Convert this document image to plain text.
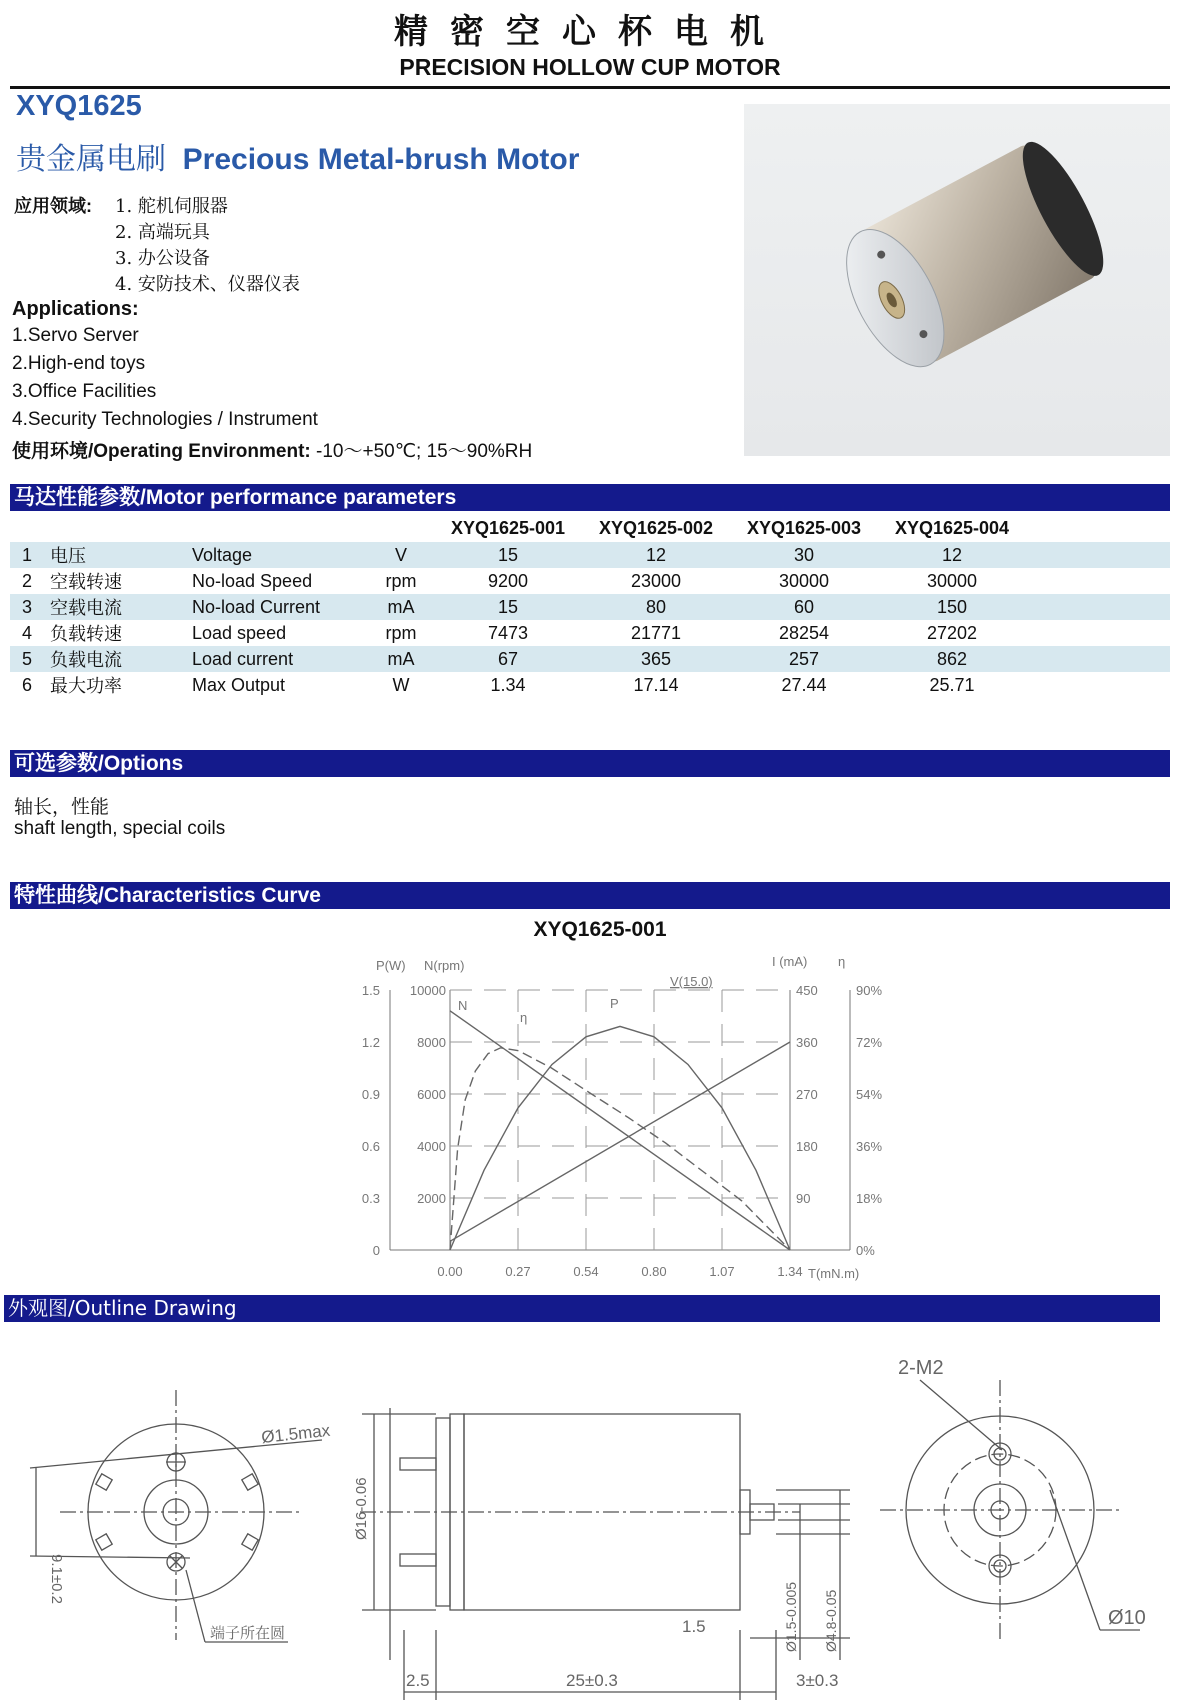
精密空心杯电机
PRECISION HOLLOW CUP MOTOR
XYQ1625
贵金属电刷 Precious Metal-brush Motor
应用领域: 1. 舵机伺服器
2. 高端玩具
3. 办公设备
4. 安防技术、仪器仪表
Applications:
1.Servo Server
2.High-end toys
3.Office Facilities
4.Security Technologies / Instrument
使用环境/Operating Environment: -10～+50℃; 15～90%RH
马达性能参数/Motor performance parameters
				XYQ1625-001	XYQ1625-002	XYQ1625-003	XYQ1625-004	
1	电压	Voltage	V	15	12	30	12	
2	空载转速	No-load Speed	rpm	9200	23000	30000	30000	
3	空载电流	No-load Current	mA	15	80	60	150	
4	负载转速	Load speed	rpm	7473	21771	28254	27202	
5	负载电流	Load current	mA	67	365	257	862	
6	最大功率	Max Output	W	1.34	17.14	27.44	25.71	
可选参数/Options
轴长，性能
shaft length, special coils
特性曲线/Characteristics Curve
XYQ1625-001
1.5
1.2
0.9
0.6
0.3
0
10000
8000
6000
4000
2000
450
360
270
180
90
90%
72%
54%
36%
18%
0%
0.00	0.27	0.54	0.80	1.07	1.34
P(W) N(rpm)	I (mA) η
V(15.0)
T(mN.m)
N	P
η
外观图/Outline Drawing
Ø1.5max
9.1±0.2
端子所在圆
Ø16-0.06
2.5	25±0.3
1.5
3±0.3
Ø1.5-0.005 Ø4.8-0.05
2-M2
Ø10
